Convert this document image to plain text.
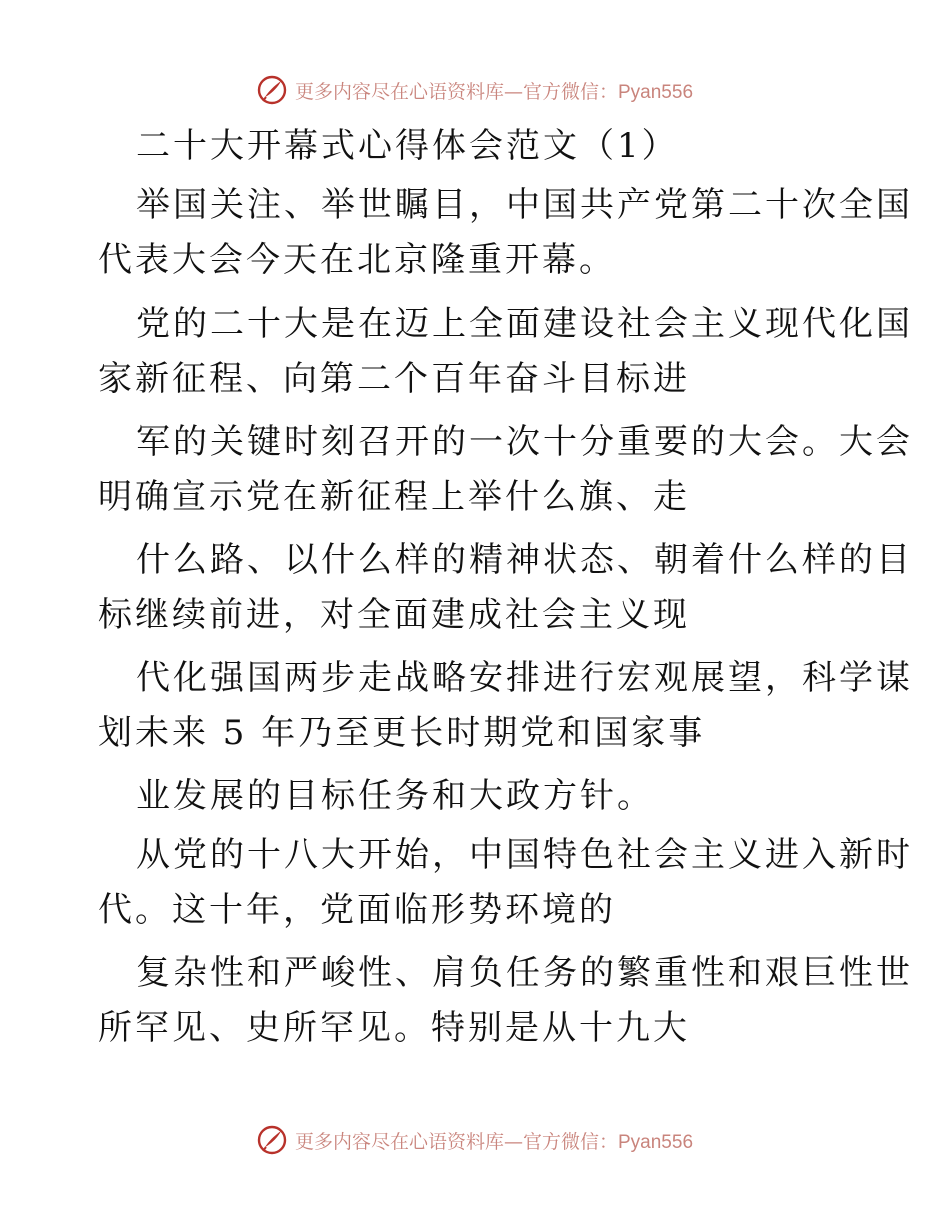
更多内容尽在心语资料库—官方微信：Pyan556
二十大开幕式心得体会范文（1）
举国关注、举世瞩目，中国共产党第二十次全国
代表大会今天在北京隆重开幕。
党的二十大是在迈上全面建设社会主义现代化国
家新征程、向第二个百年奋斗目标进
军的关键时刻召开的一次十分重要的大会。大会
明确宣示党在新征程上举什么旗、走
什么路、以什么样的精神状态、朝着什么样的目
标继续前进，对全面建成社会主义现
代化强国两步走战略安排进行宏观展望，科学谋
划未来 5 年乃至更长时期党和国家事
业发展的目标任务和大政方针。
从党的十八大开始，中国特色社会主义进入新时
代。这十年，党面临形势环境的
复杂性和严峻性、肩负任务的繁重性和艰巨性世
所罕见、史所罕见。特别是从十九大
更多内容尽在心语资料库—官方微信：Pyan556
